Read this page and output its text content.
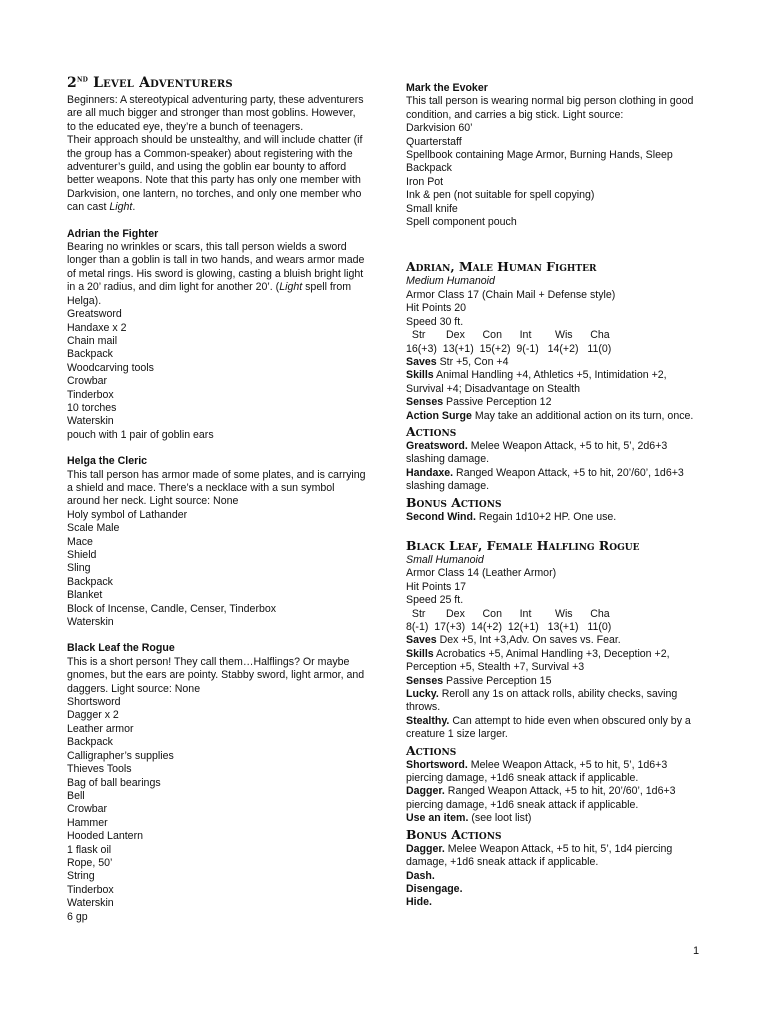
2nd Level Adventurers
Beginners: A stereotypical adventuring party, these adventurers are all much bigger and stronger than most goblins. However, to the educated eye, they’re a bunch of teenagers.
Their approach should be unstealthy, and will include chatter (if the group has a Common-speaker) about registering with the adventurer’s guild, and using the goblin ear bounty to afford better weapons. Note that this party has only one member with Darkvision, one lantern, no torches, and only one member who can cast Light.
Adrian the Fighter
Bearing no wrinkles or scars, this tall person wields a sword longer than a goblin is tall in two hands, and wears armor made of metal rings. His sword is glowing, casting a bluish bright light in a 20’ radius, and dim light for another 20’. (Light spell from Helga).
Greatsword
Handaxe x 2
Chain mail
Backpack
Woodcarving tools
Crowbar
Tinderbox
10 torches
Waterskin
pouch with 1 pair of goblin ears
Helga the Cleric
This tall person has armor made of some plates, and is carrying a shield and mace. There’s a necklace with a sun symbol around her neck. Light source: None
Holy symbol of Lathander
Scale Male
Mace
Shield
Sling
Backpack
Blanket
Block of Incense, Candle, Censer, Tinderbox
Waterskin
Black Leaf the Rogue
This is a short person! They call them…Halflings? Or maybe gnomes, but the ears are pointy. Stabby sword, light armor, and daggers. Light source: None
Shortsword
Dagger x 2
Leather armor
Backpack
Calligrapher’s supplies
Thieves Tools
Bag of ball bearings
Bell
Crowbar
Hammer
Hooded Lantern
1 flask oil
Rope, 50’
String
Tinderbox
Waterskin
6 gp
Mark the Evoker
This tall person is wearing normal big person clothing in good condition, and carries a big stick. Light source:
Darkvision 60’
Quarterstaff
Spellbook containing Mage Armor, Burning Hands, Sleep
Backpack
Iron Pot
Ink & pen (not suitable for spell copying)
Small knife
Spell component pouch
Adrian, Male Human Fighter
Medium Humanoid
Armor Class 17 (Chain Mail + Defense style)
Hit Points 20
Speed 30 ft.
Str       Dex      Con      Int        Wis      Cha
16(+3)  13(+1)  15(+2)  9(-1)   14(+2)   11(0)
Saves Str +5, Con +4
Skills Animal Handling +4, Athletics +5, Intimidation +2, Survival +4; Disadvantage on Stealth
Senses Passive Perception 12
Action Surge May take an additional action on its turn, once.
Actions
Greatsword. Melee Weapon Attack, +5 to hit, 5’, 2d6+3 slashing damage.
Handaxe. Ranged Weapon Attack, +5 to hit, 20’/60’, 1d6+3 slashing damage.
Bonus Actions
Second Wind. Regain 1d10+2 HP. One use.
Black Leaf, Female Halfling Rogue
Small Humanoid
Armor Class 14 (Leather Armor)
Hit Points 17
Speed 25 ft.
Str       Dex      Con      Int        Wis      Cha
8(-1)  17(+3)  14(+2)  12(+1)   13(+1)   11(0)
Saves Dex +5, Int +3,Adv. On saves vs. Fear.
Skills Acrobatics +5, Animal Handling +3, Deception +2, Perception +5, Stealth +7, Survival +3
Senses Passive Perception 15
Lucky. Reroll any 1s on attack rolls, ability checks, saving throws.
Stealthy. Can attempt to hide even when obscured only by a creature 1 size larger.
Actions
Shortsword. Melee Weapon Attack, +5 to hit, 5’, 1d6+3 piercing damage, +1d6 sneak attack if applicable.
Dagger. Ranged Weapon Attack, +5 to hit, 20’/60’, 1d6+3 piercing damage, +1d6 sneak attack if applicable.
Use an item. (see loot list)
Bonus Actions
Dagger. Melee Weapon Attack, +5 to hit, 5’, 1d4 piercing damage, +1d6 sneak attack if applicable.
Dash.
Disengage.
Hide.
1
